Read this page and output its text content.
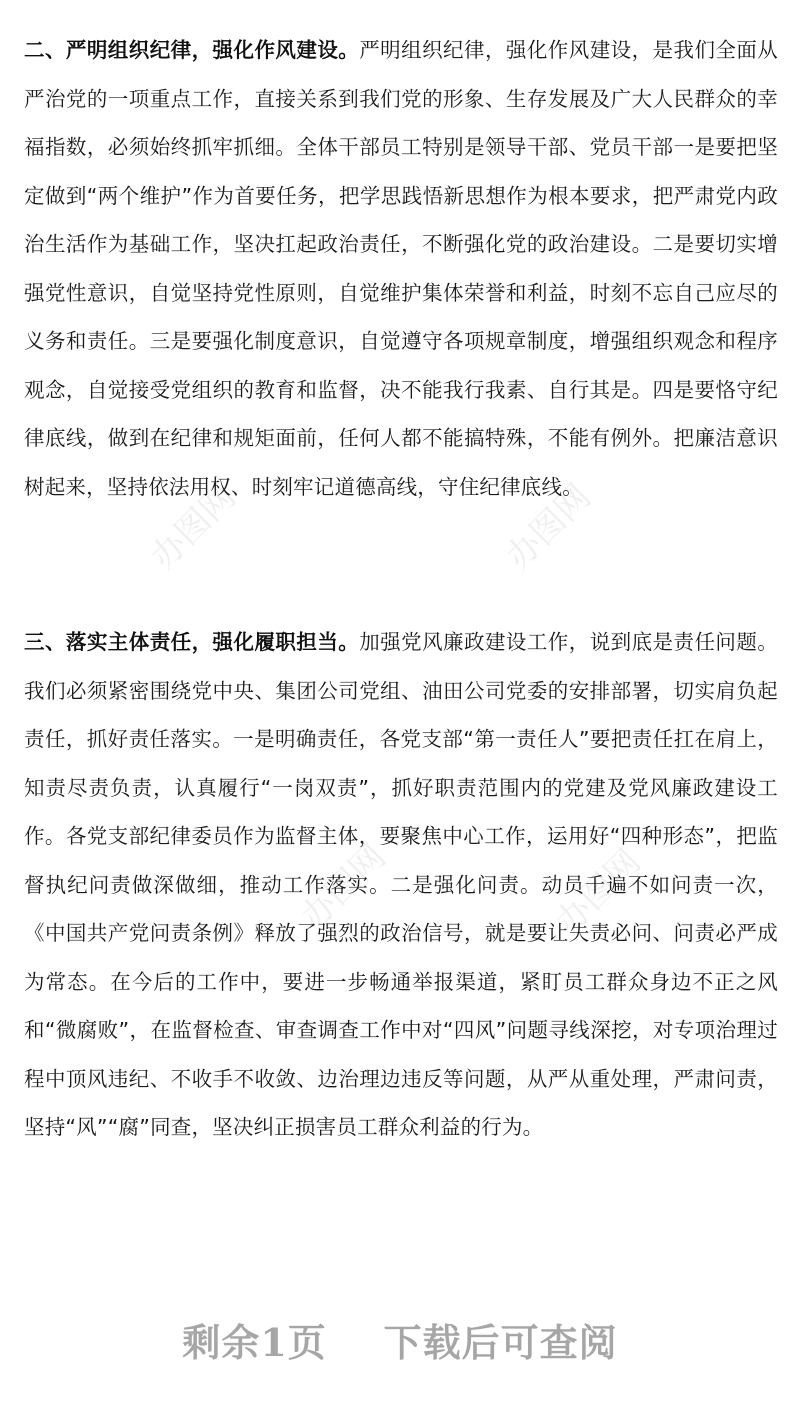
办图网	办图网
办图网	办图网

二、严明组织纪律，强化作风建设。严明组织纪律，强化作风建设，是我们全面从严治党的一项重点工作，直接关系到我们党的形象、生存发展及广大人民群众的幸福指数，必须始终抓牢抓细。全体干部员工特别是领导干部、党员干部一是要把坚定做到“两个维护”作为首要任务，把学思践悟新思想作为根本要求，把严肃党内政治生活作为基础工作，坚决扛起政治责任，不断强化党的政治建设。二是要切实增强党性意识，自觉坚持党性原则，自觉维护集体荣誉和利益，时刻不忘自己应尽的义务和责任。三是要强化制度意识，自觉遵守各项规章制度，增强组织观念和程序观念，自觉接受党组织的教育和监督，决不能我行我素、自行其是。四是要恪守纪律底线，做到在纪律和规矩面前，任何人都不能搞特殊，不能有例外。把廉洁意识树起来，坚持依法用权、时刻牢记道德高线，守住纪律底线。

三、落实主体责任，强化履职担当。加强党风廉政建设工作，说到底是责任问题。我们必须紧密围绕党中央、集团公司党组、油田公司党委的安排部署，切实肩负起责任，抓好责任落实。一是明确责任，各党支部“第一责任人”要把责任扛在肩上，知责尽责负责，认真履行“一岗双责”，抓好职责范围内的党建及党风廉政建设工作。各党支部纪律委员作为监督主体，要聚焦中心工作，运用好“四种形态”，把监督执纪问责做深做细，推动工作落实。二是强化问责。动员千遍不如问责一次，《中国共产党问责条例》释放了强烈的政治信号，就是要让失责必问、问责必严成为常态。在今后的工作中，要进一步畅通举报渠道，紧盯员工群众身边不正之风和“微腐败”，在监督检查、审查调查工作中对“四风”问题寻线深挖，对专项治理过程中顶风违纪、不收手不收敛、边治理边违反等问题，从严从重处理，严肃问责，坚持“风”“腐”同查，坚决纠正损害员工群众利益的行为。

剩余1页    下载后可查阅
